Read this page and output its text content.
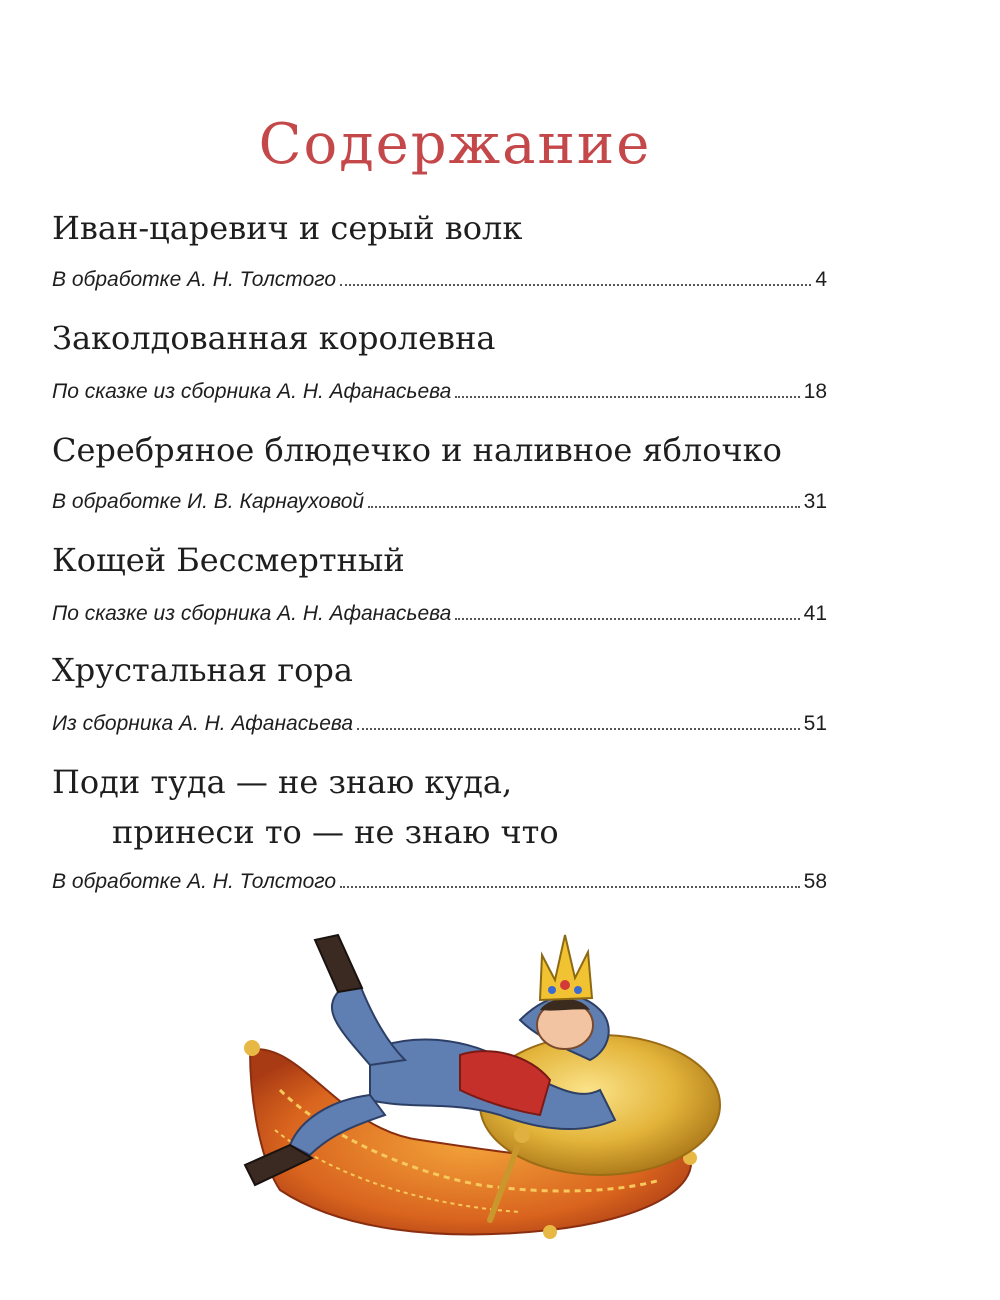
Содержание
Иван-царевич и серый волк
В обработке А. Н. Толстого	4
Заколдованная королевна
По сказке из сборника А. Н. Афанасьева	18
Серебряное блюдечко и наливное яблочко
В обработке И. В. Карнауховой	31
Кощей Бессмертный
По сказке из сборника А. Н. Афанасьева	41
Хрустальная гора
Из сборника А. Н. Афанасьева	51
Поди туда — не знаю куда,
принеси то — не знаю что
В обработке А. Н. Толстого	58
